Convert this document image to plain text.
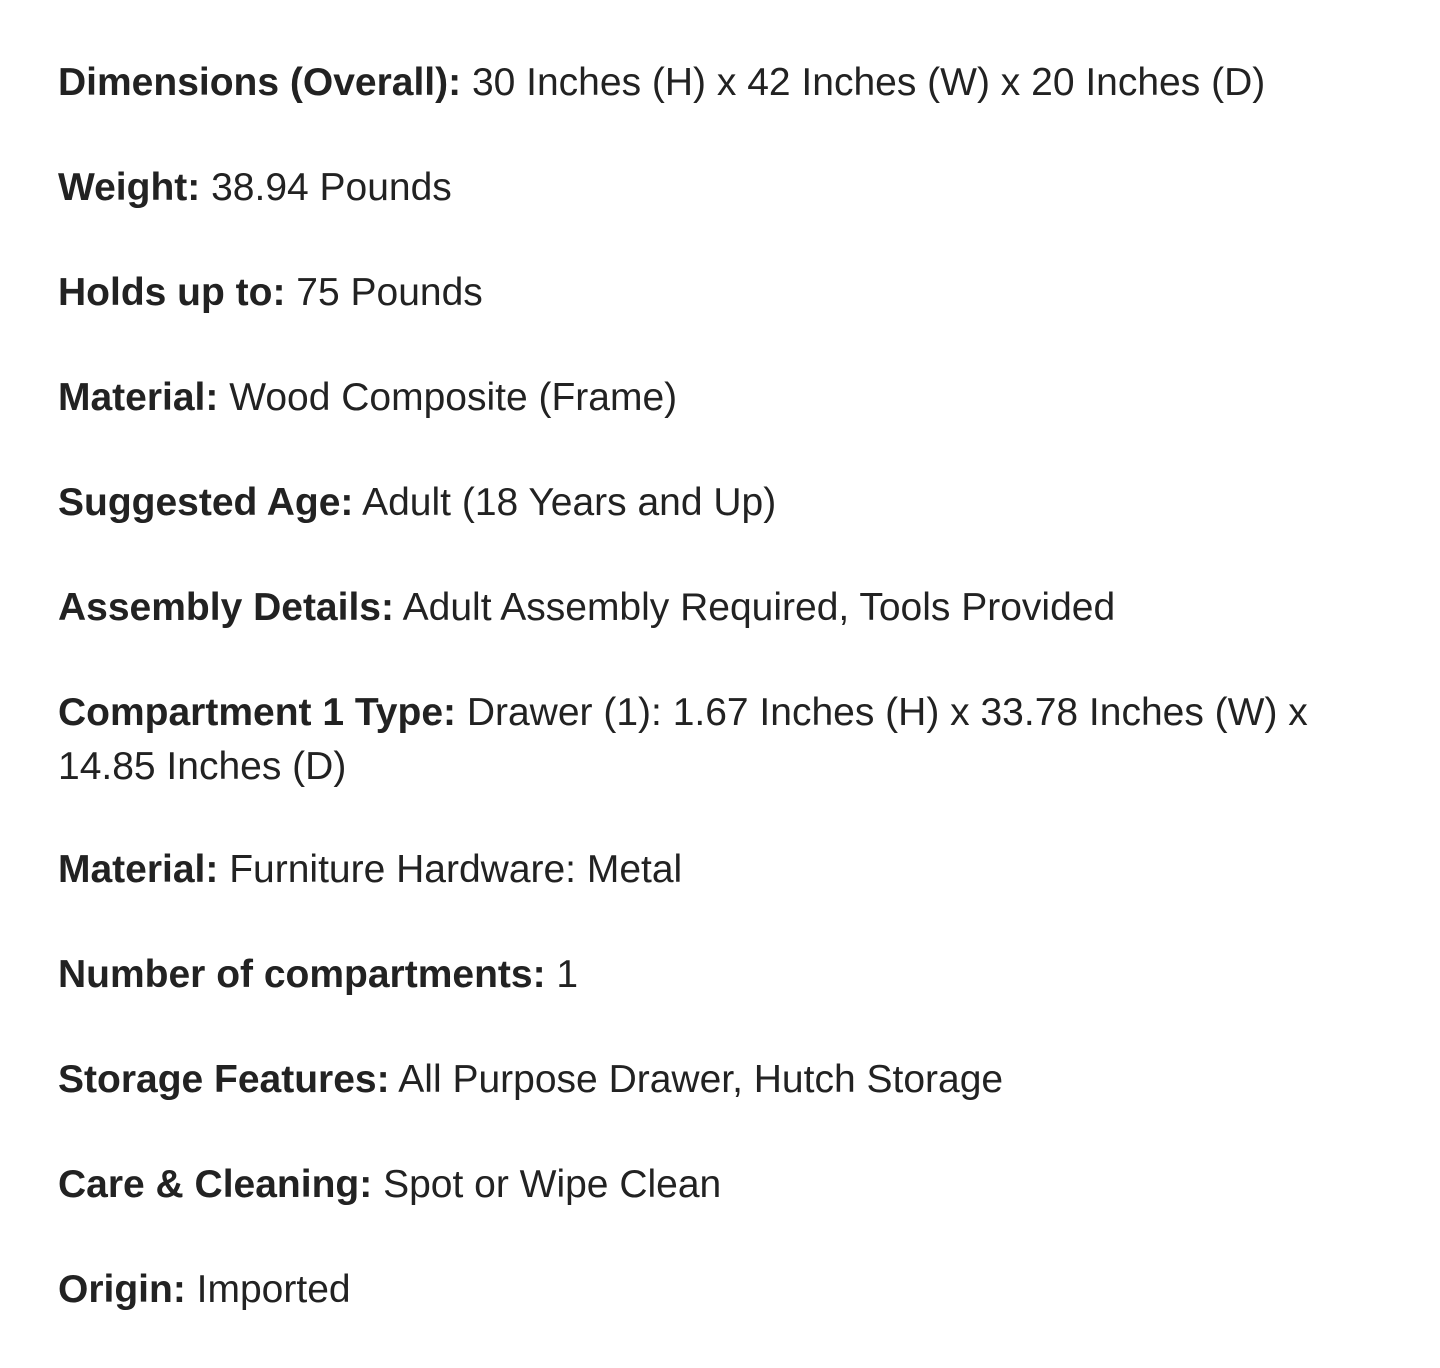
Dimensions (Overall): 30 Inches (H) x 42 Inches (W) x 20 Inches (D)

Weight: 38.94 Pounds

Holds up to: 75 Pounds

Material: Wood Composite (Frame)

Suggested Age: Adult (18 Years and Up)

Assembly Details: Adult Assembly Required, Tools Provided

Compartment 1 Type: Drawer (1): 1.67 Inches (H) x 33.78 Inches (W) x 14.85 Inches (D)

Material: Furniture Hardware: Metal

Number of compartments: 1

Storage Features: All Purpose Drawer, Hutch Storage

Care & Cleaning: Spot or Wipe Clean

Origin: Imported
